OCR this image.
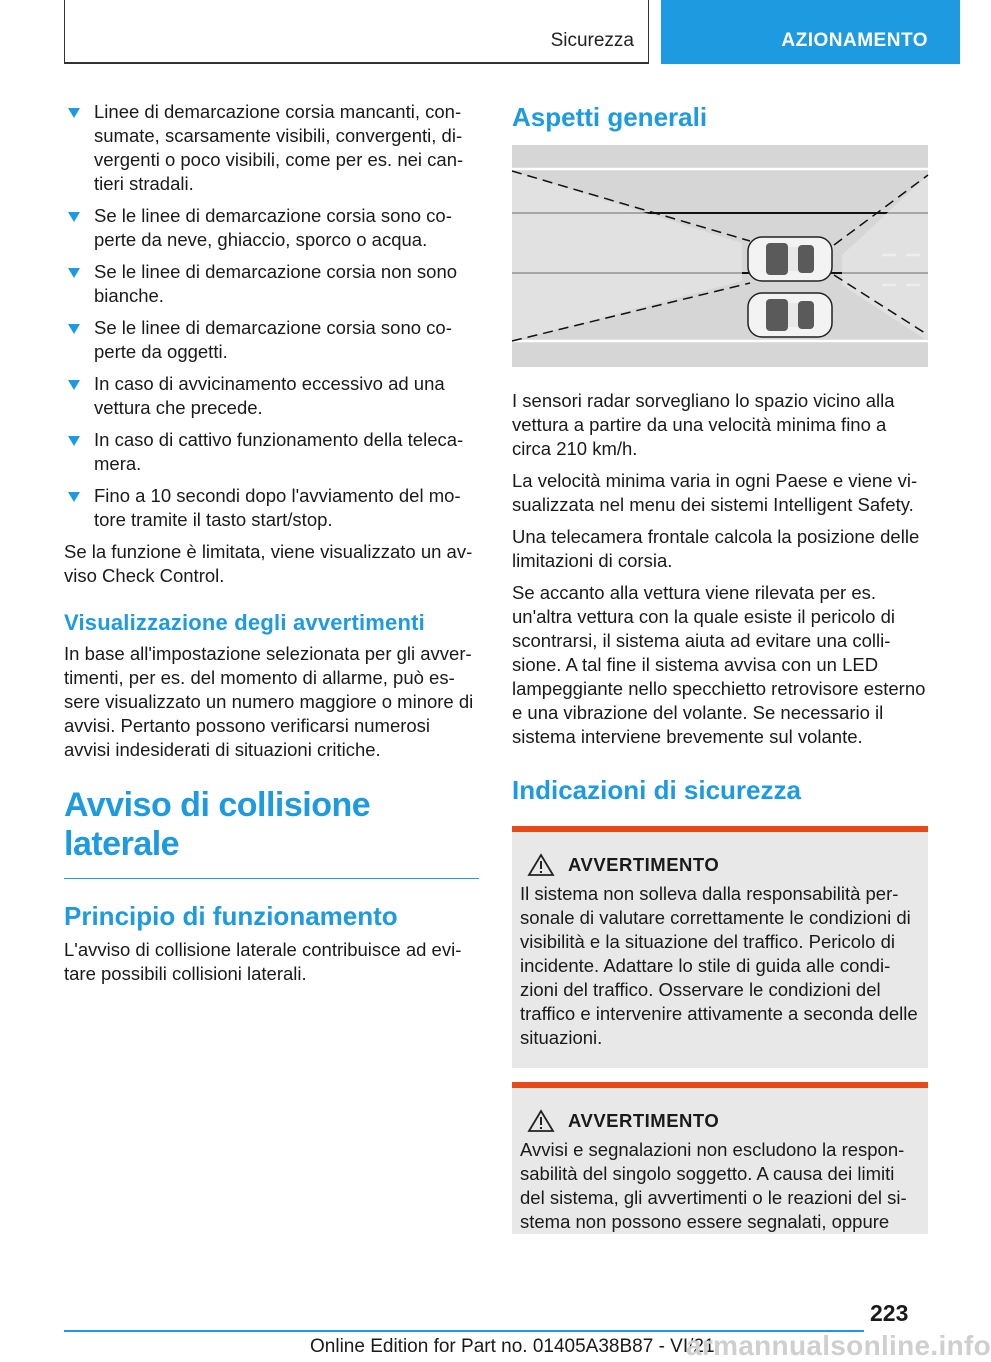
Sicurezza	AZIONAMENTO
Linee di demarcazione corsia mancanti, consumate, scarsamente visibili, convergenti, divergenti o poco visibili, come per es. nei cantieri stradali.
Se le linee di demarcazione corsia sono coperte da neve, ghiaccio, sporco o acqua.
Se le linee di demarcazione corsia non sono bianche.
Se le linee di demarcazione corsia sono coperte da oggetti.
In caso di avvicinamento eccessivo ad una vettura che precede.
In caso di cattivo funzionamento della telecamera.
Fino a 10 secondi dopo l'avviamento del motore tramite il tasto start/stop.

Se la funzione è limitata, viene visualizzato un avviso Check Control.

Visualizzazione degli avvertimenti

In base all'impostazione selezionata per gli avvertimenti, per es. del momento di allarme, può essere visualizzato un numero maggiore o minore di avvisi. Pertanto possono verificarsi numerosi avvisi indesiderati di situazioni critiche.

Avviso di collisione laterale
Principio di funzionamento

L'avviso di collisione laterale contribuisce ad evitare possibili collisioni laterali.

Aspetti generali

I sensori radar sorvegliano lo spazio vicino alla vettura a partire da una velocità minima fino a circa 210 km/h.

La velocità minima varia in ogni Paese e viene visualizzata nel menu dei sistemi Intelligent Safety.

Una telecamera frontale calcola la posizione delle limitazioni di corsia.

Se accanto alla vettura viene rilevata per es. un'altra vettura con la quale esiste il pericolo di scontrarsi, il sistema aiuta ad evitare una collisione. A tal fine il sistema avvisa con un LED lampeggiante nello specchietto retrovisore esterno e una vibrazione del volante. Se necessario il sistema interviene brevemente sul volante.

Indicazioni di sicurezza
AVVERTIMENTO

Il sistema non solleva dalla responsabilità personale di valutare correttamente le condizioni di visibilità e la situazione del traffico. Pericolo di incidente. Adattare lo stile di guida alle condizioni del traffico. Osservare le condizioni del traffico e intervenire attivamente a seconda delle situazioni.

AVVERTIMENTO

Avvisi e segnalazioni non escludono la responsabilità del singolo soggetto. A causa dei limiti del sistema, gli avvertimenti o le reazioni del sistema non possono essere segnalati, oppure

223
Online Edition for Part no. 01405A38B87 - VI/21
armannualsonline.info
